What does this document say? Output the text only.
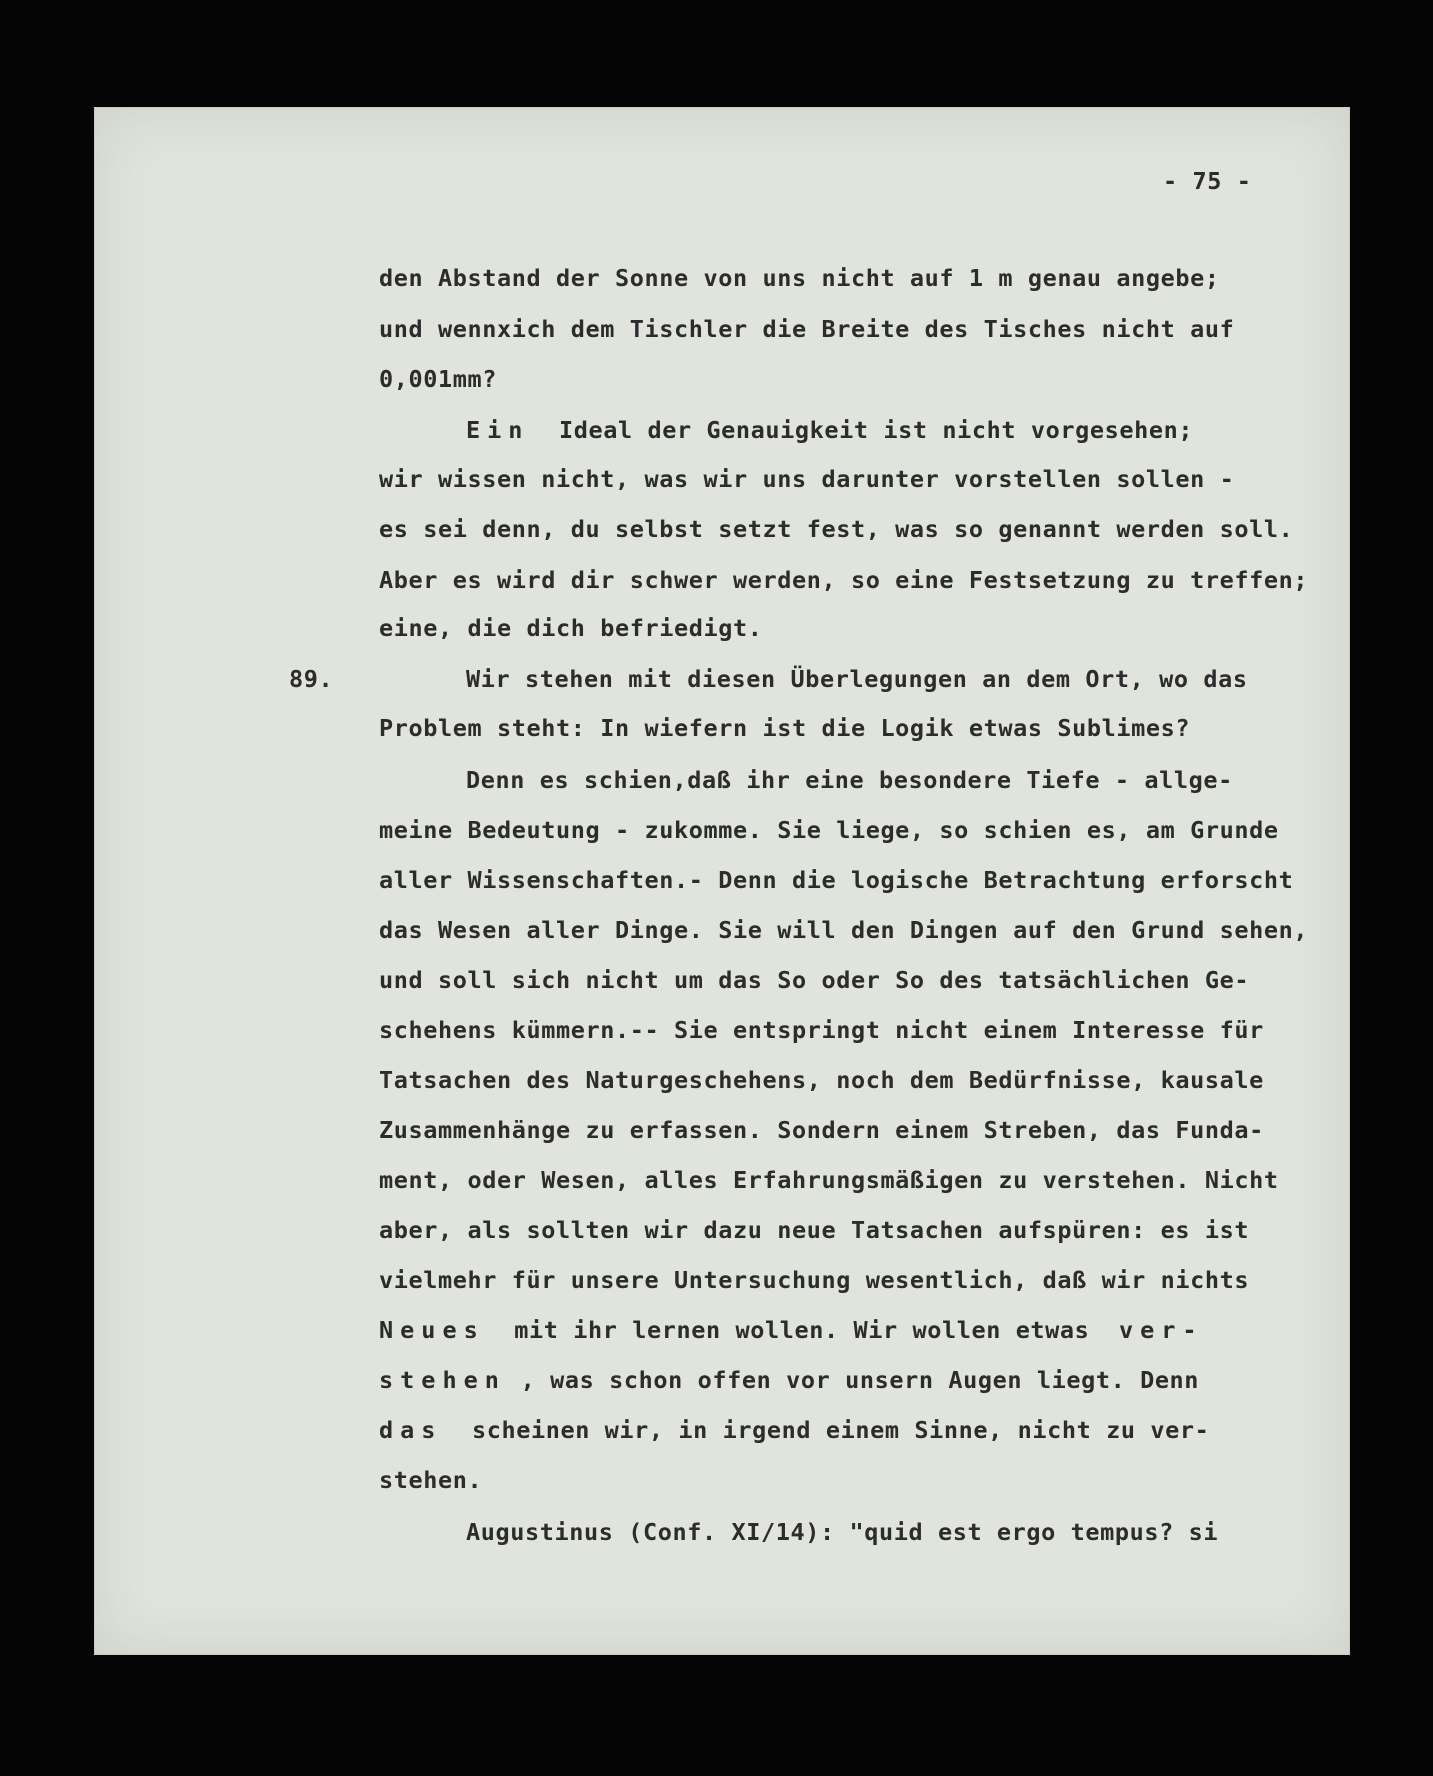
- 75 -

den Abstand der Sonne von uns nicht auf 1 m genau angebe;

und wennxich dem Tischler die Breite des Tisches nicht auf

0,001mm?

Ein Ideal der Genauigkeit ist nicht vorgesehen;

wir wissen nicht, was wir uns darunter vorstellen sollen -

es sei denn, du selbst setzt fest, was so genannt werden soll.

Aber es wird dir schwer werden, so eine Festsetzung zu treffen;

eine, die dich befriedigt.

89.

	Wir stehen mit diesen Überlegungen an dem Ort, wo das

Problem steht: In wiefern ist die Logik etwas Sublimes?

Denn es schien,daß ihr eine besondere Tiefe - allge-

meine Bedeutung - zukomme. Sie liege, so schien es, am Grunde

aller Wissenschaften.- Denn die logische Betrachtung erforscht

das Wesen aller Dinge. Sie will den Dingen auf den Grund sehen,

und soll sich nicht um das So oder So des tatsächlichen Ge-

schehens kümmern.-- Sie entspringt nicht einem Interesse für

Tatsachen des Naturgeschehens, noch dem Bedürfnisse, kausale

Zusammenhänge zu erfassen. Sondern einem Streben, das Funda-

ment, oder Wesen, alles Erfahrungsmäßigen zu verstehen. Nicht

aber, als sollten wir dazu neue Tatsachen aufspüren: es ist

vielmehr für unsere Untersuchung wesentlich, daß wir nichts

Neues mit ihr lernen wollen. Wir wollen etwas ver-

stehen , was schon offen vor unsern Augen liegt. Denn

das scheinen wir, in irgend einem Sinne, nicht zu ver-

stehen.

Augustinus (Conf. XI/14): "quid est ergo tempus? si
